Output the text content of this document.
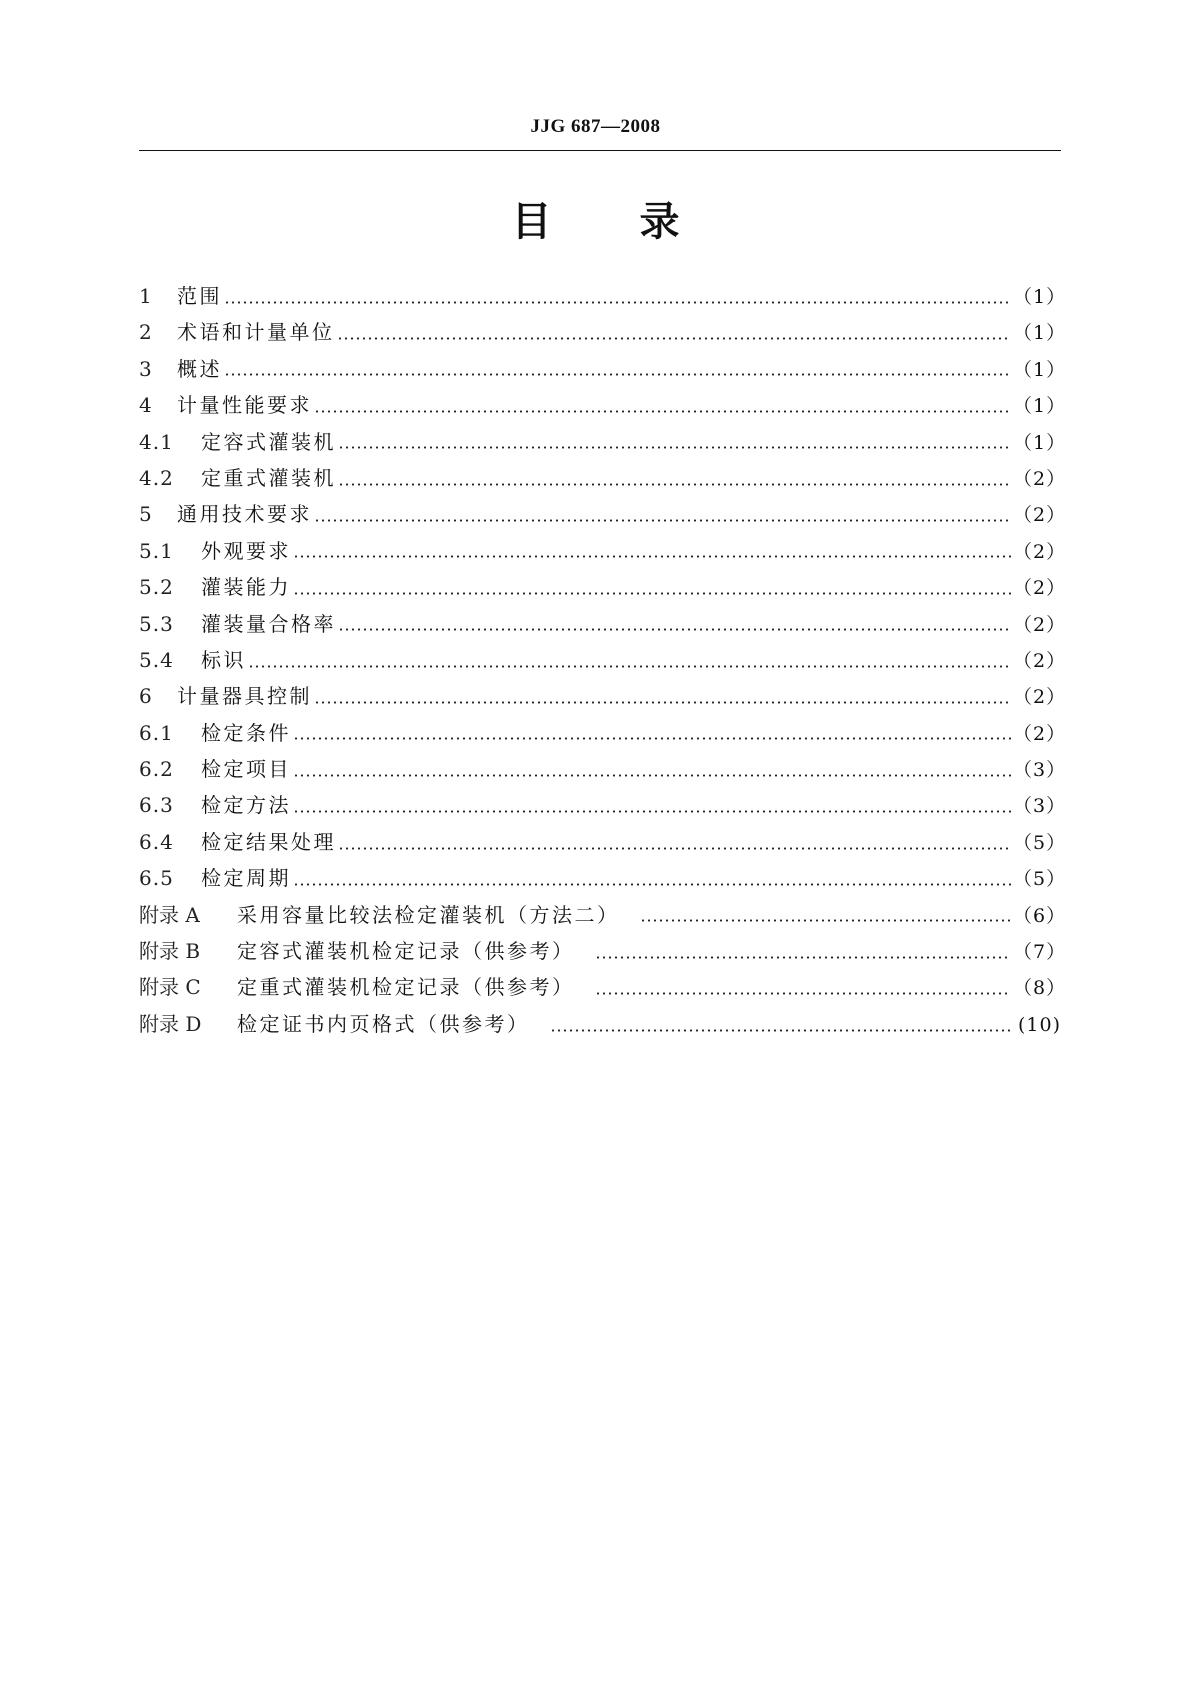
JJG 687—2008
目 录
1	范围	（1）
2	术语和计量单位	（1）
3	概述	（1）
4	计量性能要求	（1）
4.1	定容式灌装机	（1）
4.2	定重式灌装机	（2）
5	通用技术要求	（2）
5.1	外观要求	（2）
5.2	灌装能力	（2）
5.3	灌装量合格率	（2）
5.4	标识	（2）
6	计量器具控制	（2）
6.1	检定条件	（2）
6.2	检定项目	（3）
6.3	检定方法	（3）
6.4	检定结果处理	（5）
6.5	检定周期	（5）
附录 A	采用容量比较法检定灌装机（方法二）	（6）
附录 B	定容式灌装机检定记录（供参考）	（7）
附录 C	定重式灌装机检定记录（供参考）	（8）
附录 D	检定证书内页格式（供参考）	(10)
